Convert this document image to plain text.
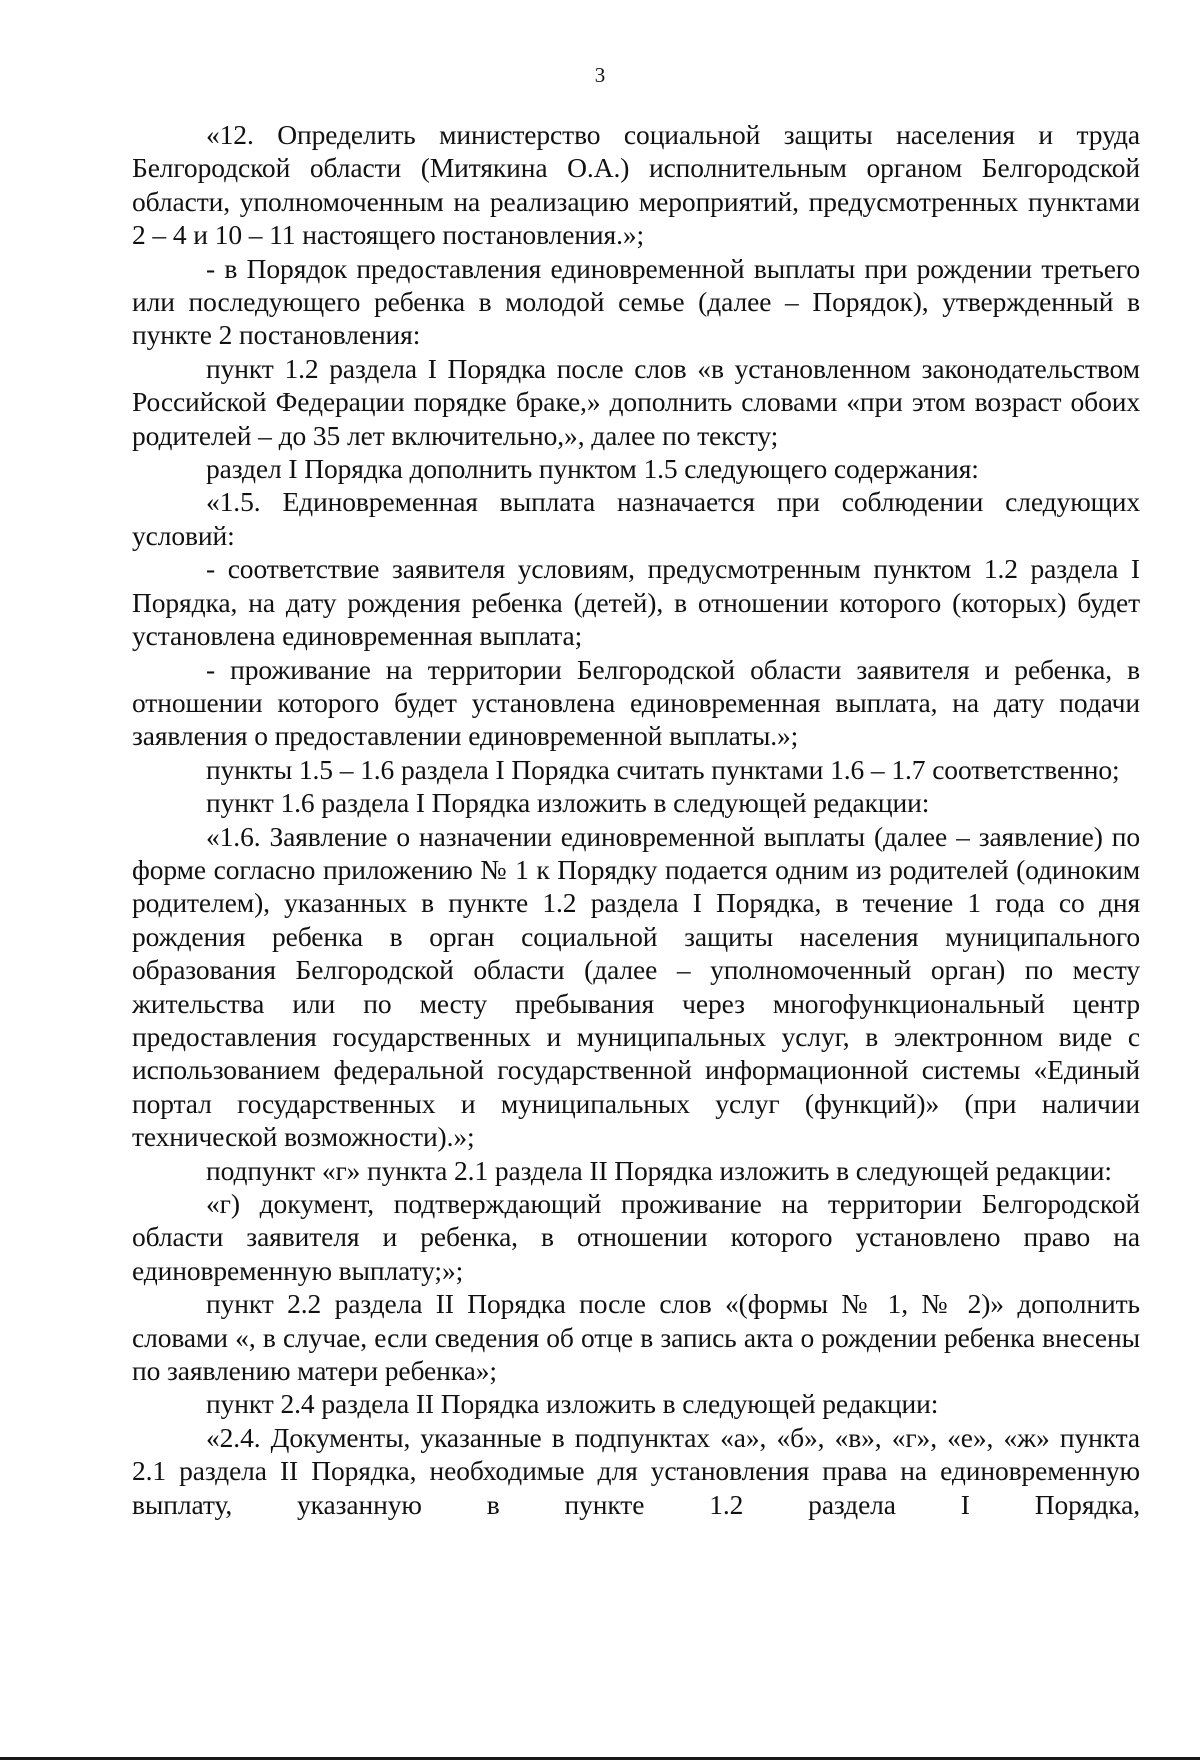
3

«12. Определить министерство социальной защиты населения и труда Белгородской области (Митякина О.А.) исполнительным органом Белгородской области, уполномоченным на реализацию мероприятий, предусмотренных пунктами 2 – 4 и 10 – 11 настоящего постановления.»;

- в Порядок предоставления единовременной выплаты при рождении третьего или последующего ребенка в молодой семье (далее – Порядок), утвержденный в пункте 2 постановления:

пункт 1.2 раздела I Порядка после слов «в установленном законодательством Российской Федерации порядке браке,» дополнить словами «при этом возраст обоих родителей – до 35 лет включительно,», далее по тексту;

раздел I Порядка дополнить пунктом 1.5 следующего содержания:

«1.5. Единовременная выплата назначается при соблюдении следующих условий:

- соответствие заявителя условиям, предусмотренным пунктом 1.2 раздела I Порядка, на дату рождения ребенка (детей), в отношении которого (которых) будет установлена единовременная выплата;

- проживание на территории Белгородской области заявителя и ребенка, в отношении которого будет установлена единовременная выплата, на дату подачи заявления о предоставлении единовременной выплаты.»;

пункты 1.5 – 1.6 раздела I Порядка считать пунктами 1.6 – 1.7 соответственно;

пункт 1.6 раздела I Порядка изложить в следующей редакции:

«1.6. Заявление о назначении единовременной выплаты (далее – заявление) по форме согласно приложению № 1 к Порядку подается одним из родителей (одиноким родителем), указанных в пункте 1.2 раздела I Порядка, в течение 1 года со дня рождения ребенка в орган социальной защиты населения муниципального образования Белгородской области (далее – уполномоченный орган) по месту жительства или по месту пребывания через многофункциональный центр предоставления государственных и муниципальных услуг, в электронном виде с использованием федеральной государственной информационной системы «Единый портал государственных и муниципальных услуг (функций)» (при наличии технической возможности).»;

подпункт «г» пункта 2.1 раздела II Порядка изложить в следующей редакции:

«г) документ, подтверждающий проживание на территории Белгородской области заявителя и ребенка, в отношении которого установлено право на единовременную выплату;»;

пункт 2.2 раздела II Порядка после слов «(формы № 1, № 2)» дополнить словами «, в случае, если сведения об отце в запись акта о рождении ребенка внесены по заявлению матери ребенка»;

пункт 2.4 раздела II Порядка изложить в следующей редакции:

«2.4. Документы, указанные в подпунктах «а», «б», «в», «г», «е», «ж» пункта 2.1 раздела II Порядка, необходимые для установления права на единовременную выплату, указанную в пункте 1.2 раздела I Порядка,
